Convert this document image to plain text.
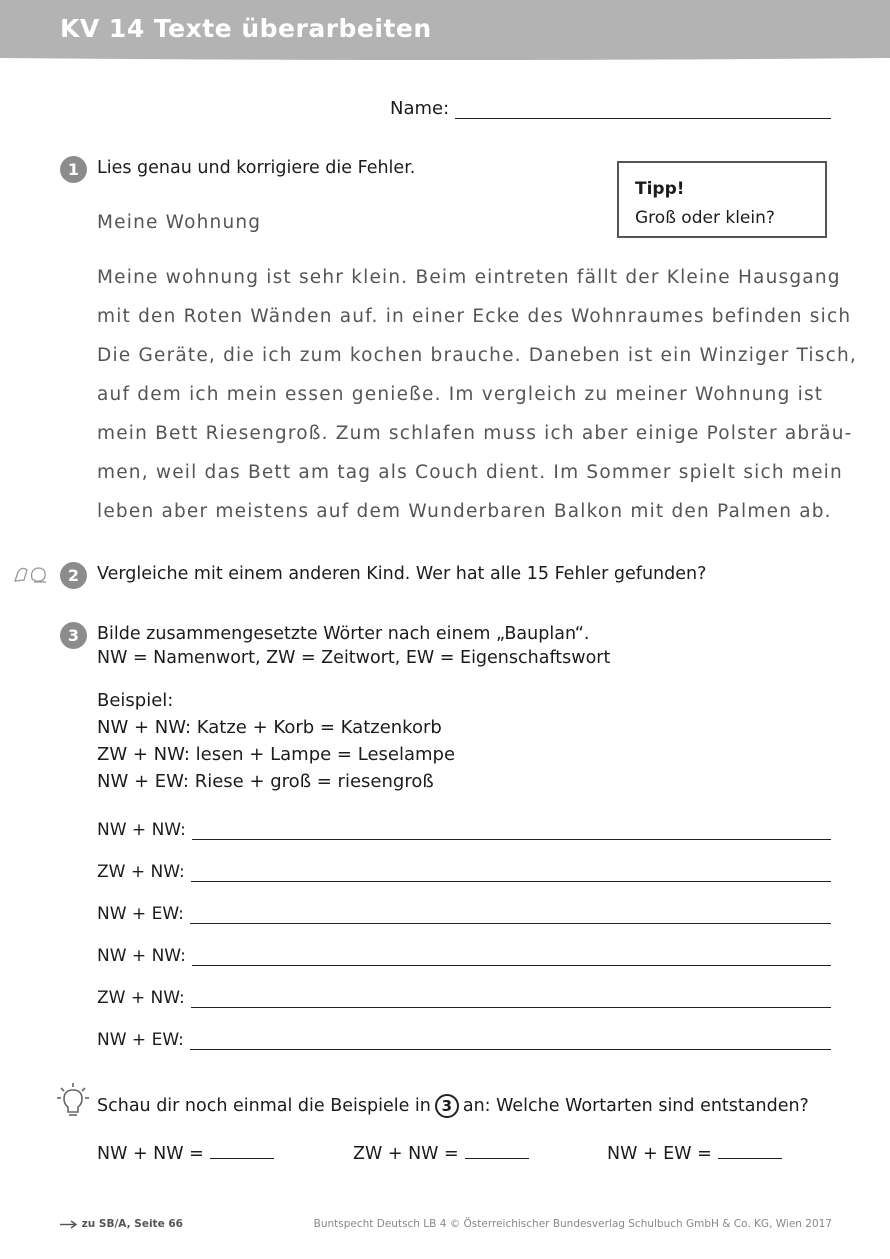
KV 14 Texte überarbeiten
Name:
1	Lies genau und korrigiere die Fehler.
Tipp!
Groß oder klein?
Meine Wohnung
Meine wohnung ist sehr klein. Beim eintreten fällt der Kleine Hausgang
mit den Roten Wänden auf. in einer Ecke des Wohnraumes befinden sich
Die Geräte, die ich zum kochen brauche. Daneben ist ein Winziger Tisch,
auf dem ich mein essen genieße. Im vergleich zu meiner Wohnung ist
mein Bett Riesengroß. Zum schlafen muss ich aber einige Polster abräu-
men, weil das Bett am tag als Couch dient. Im Sommer spielt sich mein
leben aber meistens auf dem Wunderbaren Balkon mit den Palmen ab.
2	Vergleiche mit einem anderen Kind. Wer hat alle 15 Fehler gefunden?
3	Bilde zusammengesetzte Wörter nach einem „Bauplan“.
NW = Namenwort, ZW = Zeitwort, EW = Eigenschaftswort
Beispiel:
NW + NW: Katze + Korb = Katzenkorb
ZW + NW: lesen + Lampe = Leselampe
NW + EW: Riese + groß = riesengroß
NW + NW:
ZW + NW:
NW + EW:
NW + NW:
ZW + NW:
NW + EW:
Schau dir noch einmal die Beispiele in 3 an: Welche Wortarten sind entstanden?
NW + NW =	ZW + NW =	NW + EW =
zu SB/A, Seite 66	Buntspecht Deutsch LB 4 © Österreichischer Bundesverlag Schulbuch GmbH & Co. KG, Wien 2017
